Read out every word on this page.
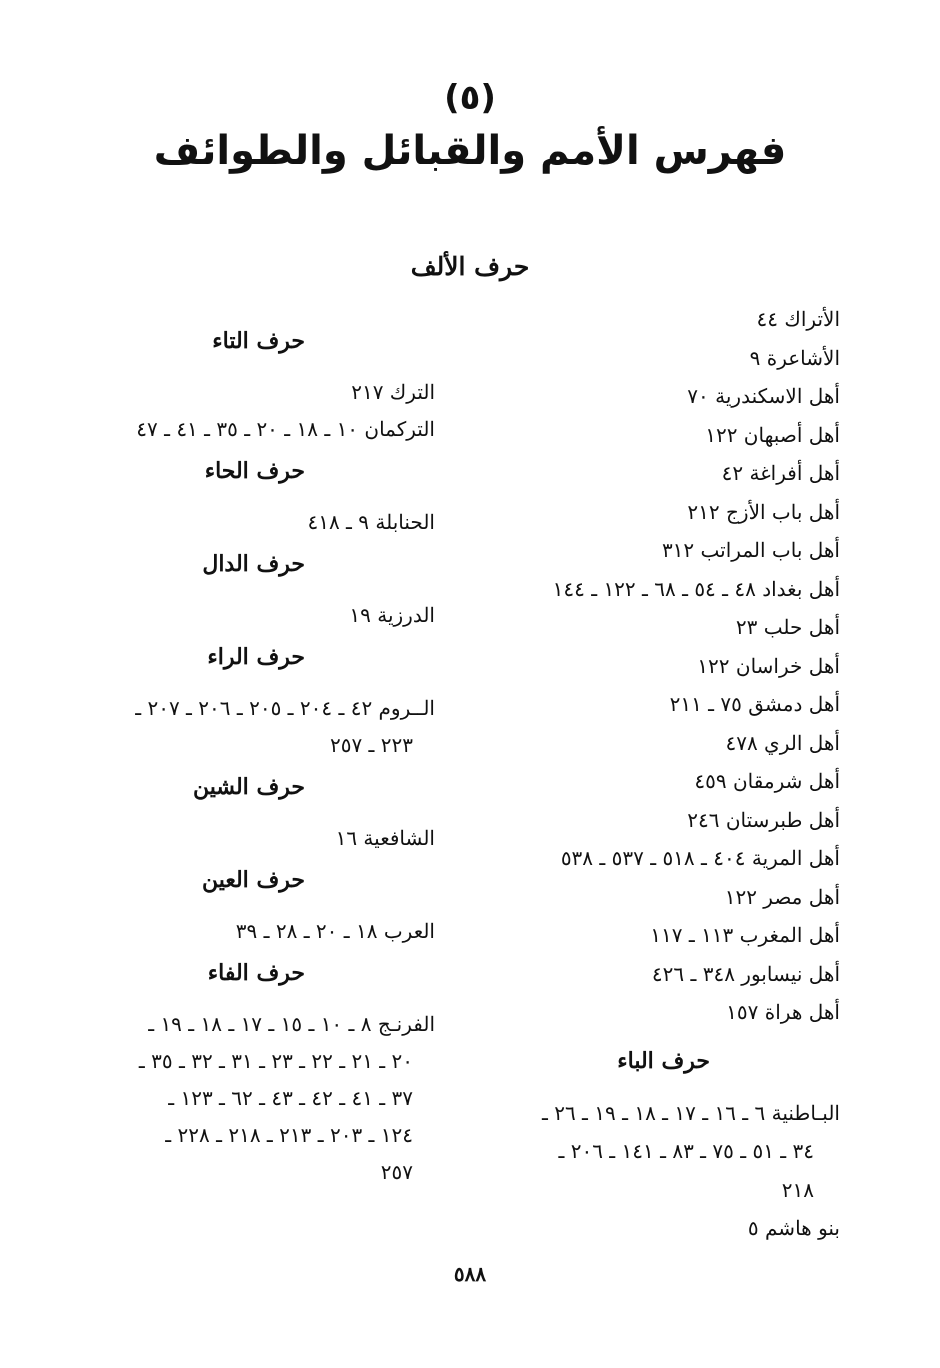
(٥)
فهرس الأمم والقبائل والطوائف
حرف الألف
الأتراك ٤٤
الأشاعرة ٩
أهل الاسكندرية ٧٠
أهل أصبهان ١٢٢
أهل أفراغة ٤٢
أهل باب الأزج ٢١٢
أهل باب المراتب ٣١٢
أهل بغداد ٤٨ ـ ٥٤ ـ ٦٨ ـ ١٢٢ ـ ١٤٤
أهل حلب ٢٣
أهل خراسان ١٢٢
أهل دمشق ٧٥ ـ ٢١١
أهل الري ٤٧٨
أهل شرمقان ٤٥٩
أهل طبرستان ٢٤٦
أهل المرية ٤٠٤ ـ ٥١٨ ـ ٥٣٧ ـ ٥٣٨
أهل مصر ١٢٢
أهل المغرب ١١٣ ـ ١١٧
أهل نيسابور ٣٤٨ ـ ٤٢٦
أهل هراة ١٥٧
حرف الباء
البـاطنية ٦ ـ ١٦ ـ ١٧ ـ ١٨ ـ ١٩ ـ ٢٦ ـ
٣٤ ـ ٥١ ـ ٧٥ ـ ٨٣ ـ ١٤١ ـ ٢٠٦ ـ
٢١٨
بنو هاشم ٥
حرف التاء
الترك ٢١٧
التركمان ١٠ ـ ١٨ ـ ٢٠ ـ ٣٥ ـ ٤١ ـ ٤٧
حرف الحاء
الحنابلة ٩ ـ ٤١٨
حرف الدال
الدرزية ١٩
حرف الراء
الــروم ٤٢ ـ ٢٠٤ ـ ٢٠٥ ـ ٢٠٦ ـ ٢٠٧ ـ
٢٢٣ ـ ٢٥٧
حرف الشين
الشافعية ١٦
حرف العين
العرب ١٨ ـ ٢٠ ـ ٢٨ ـ ٣٩
حرف الفاء
الفرنـج ٨ ـ ١٠ ـ ١٥ ـ ١٧ ـ ١٨ ـ ١٩ ـ
٢٠ ـ ٢١ ـ ٢٢ ـ ٢٣ ـ ٣١ ـ ٣٢ ـ ٣٥ ـ
٣٧ ـ ٤١ ـ ٤٢ ـ ٤٣ ـ ٦٢ ـ ١٢٣ ـ
١٢٤ ـ ٢٠٣ ـ ٢١٣ ـ ٢١٨ ـ ٢٢٨ ـ
٢٥٧
٥٨٨
